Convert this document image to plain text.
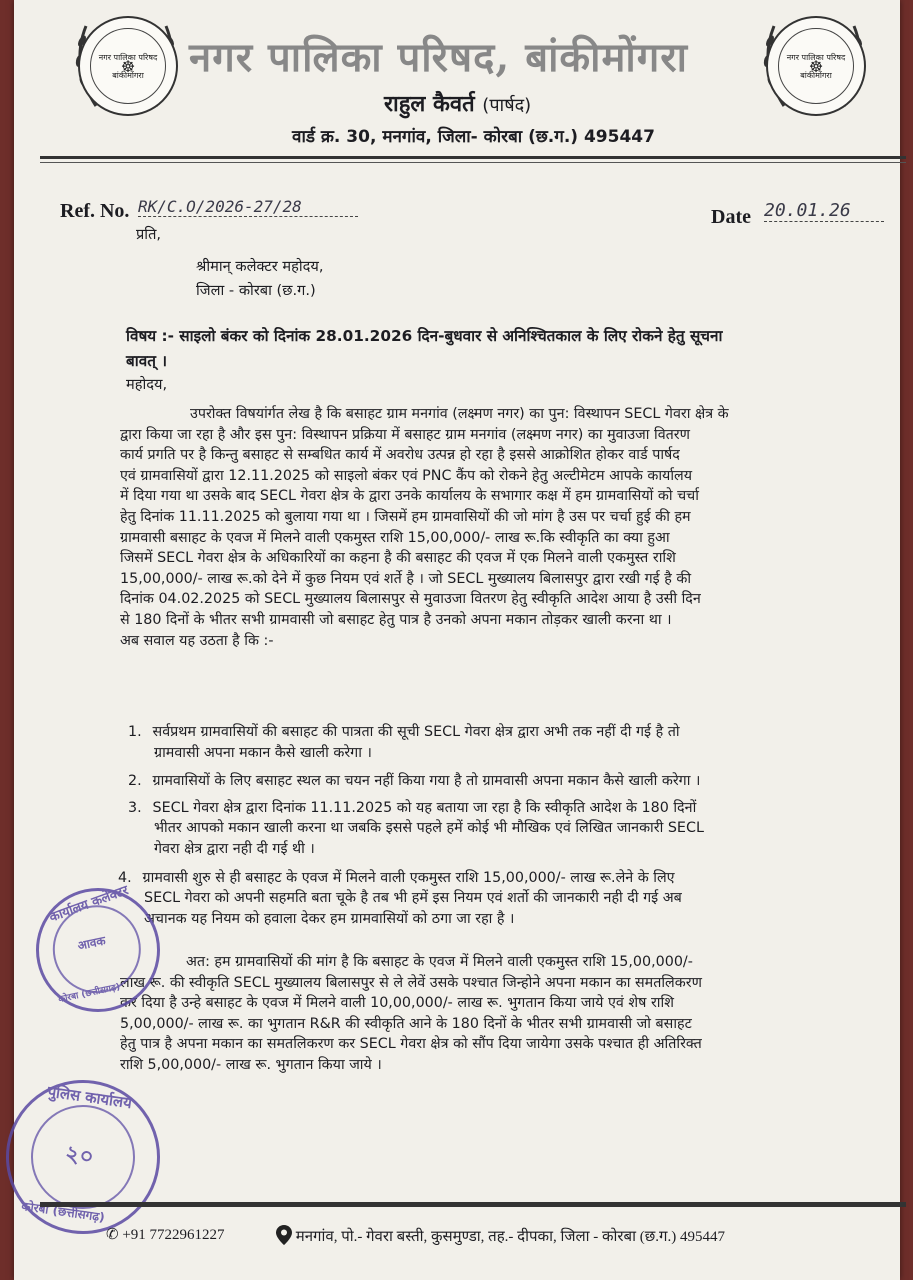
नगर पालिका परिषद
☸
बांकीमोंगरा
नगर पालिका परिषद
☸
बांकीमोंगरा
नगर पालिका परिषद, बांकीमोंगरा
राहुल कैवर्त (पार्षद)
वार्ड क्र. 30, मनगांव, जिला- कोरबा (छ.ग.) 495447
Ref. No. RK/C.O/2026-27/28	Date 20.01.26
प्रति,
श्रीमान् कलेक्टर महोदय,
जिला - कोरबा (छ.ग.)
विषय :- साइलो बंकर को दिनांक 28.01.2026 दिन-बुधवार से अनिश्चितकाल के लिए रोकने हेतु सूचना
बावत् ।
महोदय,
उपरोक्त विषयांर्गत लेख है कि बसाहट ग्राम मनगांव (लक्ष्मण नगर) का पुन: विस्थापन SECL गेवरा क्षेत्र के
द्वारा किया जा रहा है और इस पुन: विस्थापन प्रक्रिया में बसाहट ग्राम मनगांव (लक्ष्मण नगर) का मुवाउजा वितरण
कार्य प्रगति पर है किन्तु बसाहट से सम्बधित कार्य में अवरोध उत्पन्न हो रहा है इससे आक्रोशित होकर वार्ड पार्षद
एवं ग्रामवासियों द्वारा 12.11.2025 को साइलो बंकर एवं PNC कैंप को रोकने हेतु अल्टीमेटम आपके कार्यालय
में दिया गया था उसके बाद SECL गेवरा क्षेत्र के द्वारा उनके कार्यालय के सभागार कक्ष में हम ग्रामवासियों को चर्चा
हेतु दिनांक 11.11.2025 को बुलाया गया था । जिसमें हम ग्रामवासियों की जो मांग है उस पर चर्चा हुई की हम
ग्रामवासी बसाहट के एवज में मिलने वाली एकमुस्त राशि 15,00,000/- लाख रू.कि स्वीकृति का क्या हुआ
जिसमें SECL गेवरा क्षेत्र के अधिकारियों का कहना है की बसाहट की एवज में एक मिलने वाली एकमुस्त राशि
15,00,000/- लाख रू.को देने में कुछ नियम एवं शर्ते है । जो SECL मुख्यालय बिलासपुर द्वारा रखी गई है की
दिनांक 04.02.2025 को SECL मुख्यालय बिलासपुर से मुवाउजा वितरण हेतु स्वीकृति आदेश आया है उसी दिन
से 180 दिनों के भीतर सभी ग्रामवासी जो बसाहट हेतु पात्र है उनको अपना मकान तोड़कर खाली करना था ।
अब सवाल यह उठता है कि :-
1. सर्वप्रथम ग्रामवासियों की बसाहट की पात्रता की सूची SECL गेवरा क्षेत्र द्वारा अभी तक नहीं दी गई है तो
ग्रामवासी अपना मकान कैसे खाली करेगा ।
2. ग्रामवासियों के लिए बसाहट स्थल का चयन नहीं किया गया है तो ग्रामवासी अपना मकान कैसे खाली करेगा ।
3. SECL गेवरा क्षेत्र द्वारा दिनांक 11.11.2025 को यह बताया जा रहा है कि स्वीकृति आदेश के 180 दिनों
भीतर आपको मकान खाली करना था जबकि इससे पहले हमें कोई भी मौखिक एवं लिखित जानकारी SECL
गेवरा क्षेत्र द्वारा नही दी गई थी ।
4. ग्रामवासी शुरु से ही बसाहट के एवज में मिलने वाली एकमुस्त राशि 15,00,000/- लाख रू.लेने के लिए
SECL गेवरा को अपनी सहमति बता चूके है तब भी हमें इस नियम एवं शर्तो की जानकारी नही दी गई अब
अचानक यह नियम को हवाला देकर हम ग्रामवासियों को ठगा जा रहा है ।
अत: हम ग्रामवासियों की मांग है कि बसाहट के एवज में मिलने वाली एकमुस्त राशि 15,00,000/-
लाख रू. की स्वीकृति SECL मुख्यालय बिलासपुर से ले लेवें उसके पश्चात जिन्होने अपना मकान का समतलिकरण
कर दिया है उन्हे बसाहट के एवज में मिलने वाली 10,00,000/- लाख रू. भुगतान किया जाये एवं शेष राशि
5,00,000/- लाख रू. का भुगतान R&R की स्वीकृति आने के 180 दिनों के भीतर सभी ग्रामवासी जो बसाहट
हेतु पात्र है अपना मकान का समतलिकरण कर SECL गेवरा क्षेत्र को सौंप दिया जायेगा उसके पश्चात ही अतिरिक्त
राशि 5,00,000/- लाख रू. भुगतान किया जाये ।
कार्यालय कलेक्टर
आवक
कोरबा (छत्तीसगढ़)
पुलिस कार्यालय
২০
कोरबा (छत्तीसगढ़)
✆ +91 7722961227	मनगांव, पो.- गेवरा बस्ती, कुसमुण्डा, तह.- दीपका, जिला - कोरबा (छ.ग.) 495447
